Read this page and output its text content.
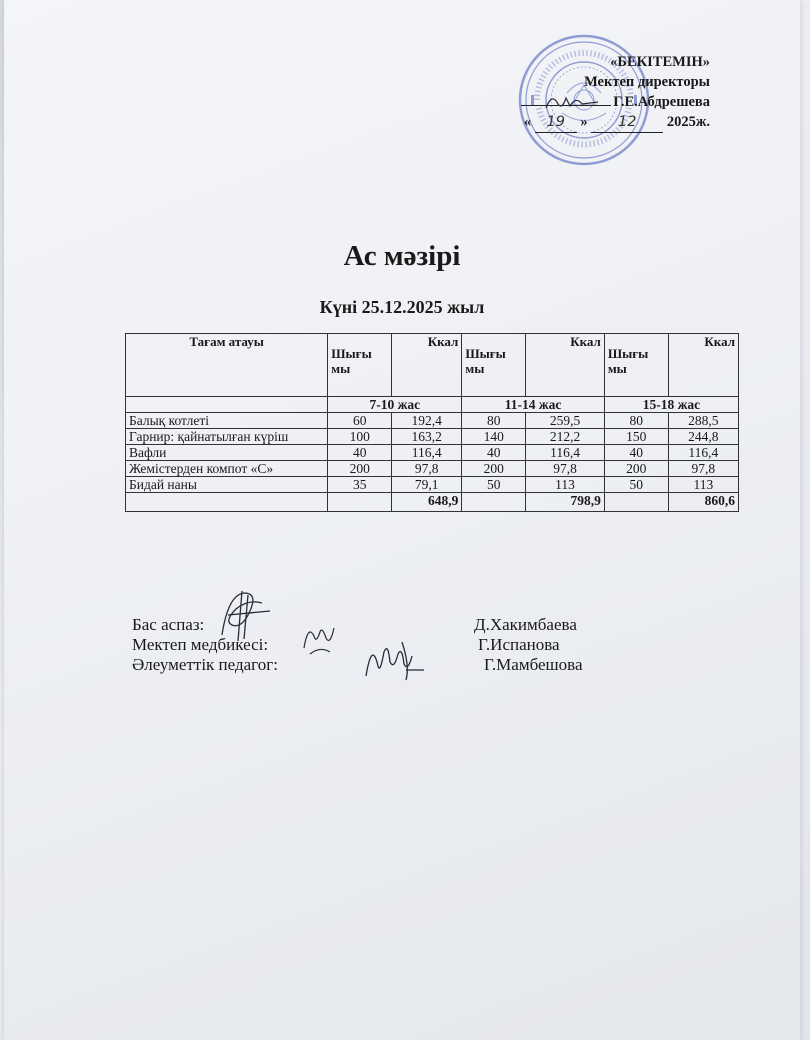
«БЕКІТЕМІН»
Мектеп директоры
Г.Е.Абдрешева
« 19 » 12 2025ж.
Ас мәзірі
Күні 25.12.2025 жыл
Тағам атауы	Шығы мы	Ккал	Шығы мы	Ккал	Шығы мы	Ккал
	7-10 жас		11-14 жас		15-18 жас	
Балық котлеті	60	192,4	80	259,5	80	288,5
Гарнир: қайнатылған күріш	100	163,2	140	212,2	150	244,8
Вафли	40	116,4	40	116,4	40	116,4
Жемістерден компот «С»	200	97,8	200	97,8	200	97,8
Бидай наны	35	79,1	50	113	50	113
		648,9		798,9		860,6
Бас аспаз:	Д.Хакимбаева
Мектеп медбикесі:	Г.Испанова
Әлеуметтік педагог:	Г.Мамбешова
